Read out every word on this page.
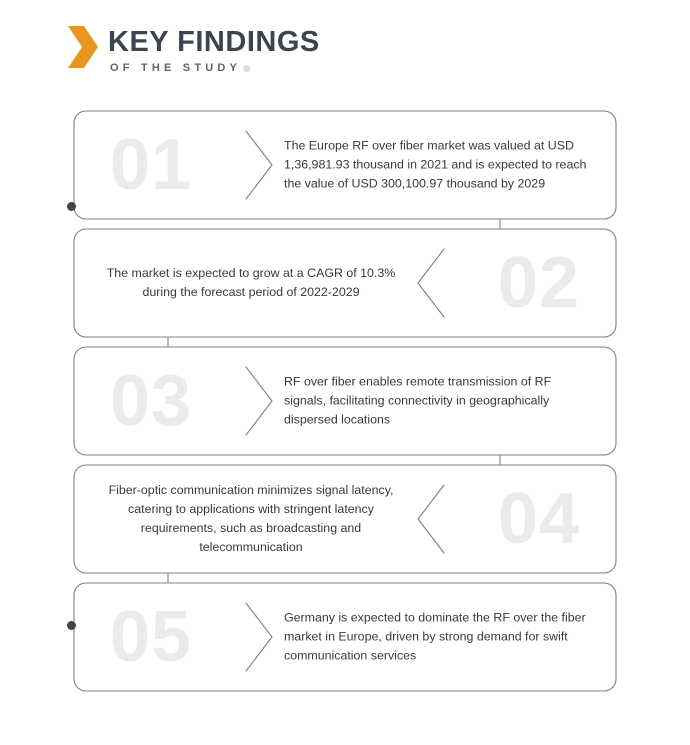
KEY FINDINGS
OF THE STUDY
01	The Europe RF over fiber market was valued at USD 1,36,981.93 thousand in 2021 and is expected to reach the value of USD 300,100.97 thousand by 2029
02
The market is expected to grow at a CAGR of 10.3% during the forecast period of 2022-2029
03	RF over fiber enables remote transmission of RF signals, facilitating connectivity in geographically dispersed locations
04
Fiber-optic communication minimizes signal latency, catering to applications with stringent latency requirements, such as broadcasting and telecommunication
05	Germany is expected to dominate the RF over the fiber market in Europe, driven by strong demand for swift communication services
